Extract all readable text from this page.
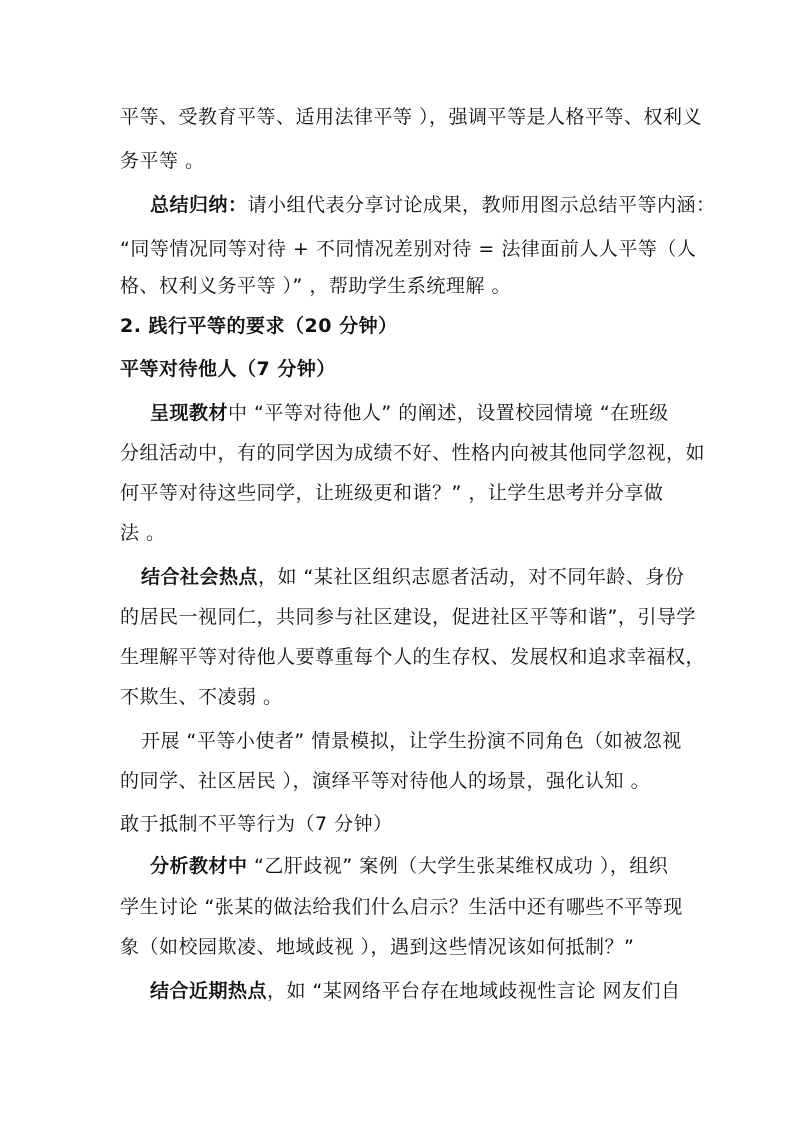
平等、受教育平等、适用法律平等 ），强调平等是人格平等、权利义
务平等 。
总结归纳：请小组代表分享讨论成果，教师用图示总结平等内涵：
“同等情况同等对待 + 不同情况差别对待 = 法律面前人人平等（人
格、权利义务平等 ）” ，帮助学生系统理解 。
2. 践行平等的要求（20 分钟）
平等对待他人（7 分钟）
呈现教材中 “平等对待他人” 的阐述，设置校园情境 “在班级
分组活动中，有的同学因为成绩不好、性格内向被其他同学忽视，如
何平等对待这些同学，让班级更和谐？” ，让学生思考并分享做
法 。
结合社会热点，如 “某社区组织志愿者活动，对不同年龄、身份
的居民一视同仁，共同参与社区建设，促进社区平等和谐”，引导学
生理解平等对待他人要尊重每个人的生存权、发展权和追求幸福权，
不欺生、不凌弱 。
开展 “平等小使者” 情景模拟，让学生扮演不同角色（如被忽视
的同学、社区居民 ），演绎平等对待他人的场景，强化认知 。
敢于抵制不平等行为（7 分钟）
分析教材中 “乙肝歧视” 案例（大学生张某维权成功 ），组织
学生讨论 “张某的做法给我们什么启示？生活中还有哪些不平等现
象（如校园欺凌、地域歧视 ），遇到这些情况该如何抵制？”
结合近期热点，如 “某网络平台存在地域歧视性言论 网友们自
